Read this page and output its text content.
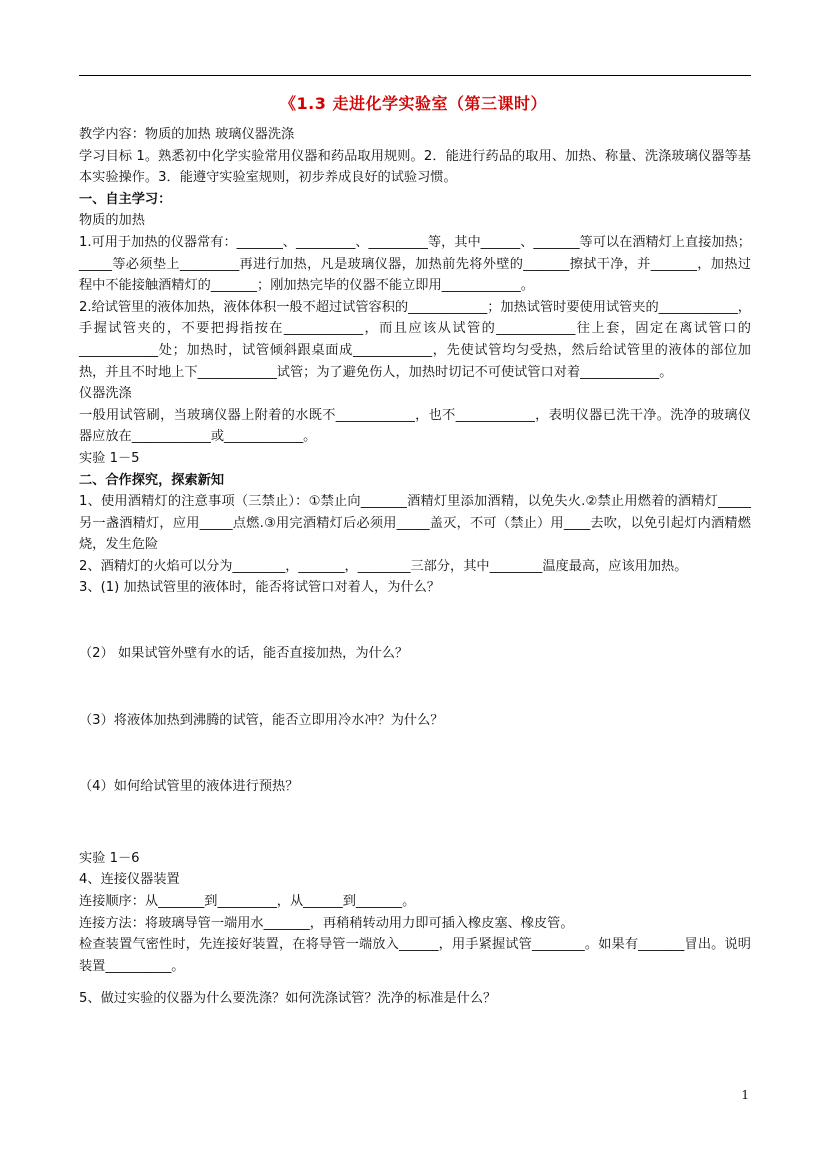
《1.3 走进化学实验室（第三课时）

教学内容：物质的加热 玻璃仪器洗涤

学习目标 1。熟悉初中化学实验常用仪器和药品取用规则。2．能进行药品的取用、加热、称量、洗涤玻璃仪器等基本实验操作。3．能遵守实验室规则，初步养成良好的试验习惯。

一、自主学习：

物质的加热

1.可用于加热的仪器常有：_______、_________、_________等，其中______、_______等可以在酒精灯上直接加热；_____等必须垫上_________再进行加热，凡是玻璃仪器，加热前先将外壁的_______擦拭干净，并_______，加热过程中不能接触酒精灯的_______；刚加热完毕的仪器不能立即用____________。

2.给试管里的液体加热，液体体积一般不超过试管容积的____________；加热试管时要使用试管夹的____________，手握试管夹的，不要把拇指按在____________，而且应该从试管的____________往上套，固定在离试管口的____________处；加热时，试管倾斜跟桌面成____________，先使试管均匀受热，然后给试管里的液体的部位加热，并且不时地上下____________试管；为了避免伤人，加热时切记不可使试管口对着____________。

仪器洗涤

一般用试管刷，当玻璃仪器上附着的水既不____________，也不____________，表明仪器已洗干净。洗净的玻璃仪器应放在____________或____________。

实验 1－5

二、合作探究，探索新知

1、使用酒精灯的注意事项（三禁止）：①禁止向_______酒精灯里添加酒精，以免失火.②禁止用燃着的酒精灯_____另一盏酒精灯，应用_____点燃.③用完酒精灯后必须用_____盖灭，不可（禁止）用____去吹，以免引起灯内酒精燃烧，发生危险

2、酒精灯的火焰可以分为________，_______，________三部分，其中________温度最高，应该用加热。

3、(1) 加热试管里的液体时，能否将试管口对着人，为什么？

（2） 如果试管外壁有水的话，能否直接加热，为什么？

（3）将液体加热到沸腾的试管，能否立即用冷水冲？为什么？

（4）如何给试管里的液体进行预热？

实验 1－6

4、连接仪器装置

连接顺序：从_______到_________，从______到_______。

连接方法：将玻璃导管一端用水_______，再稍稍转动用力即可插入橡皮塞、橡皮管。

检查装置气密性时，先连接好装置，在将导管一端放入______，用手紧握试管________。如果有_______冒出。说明装置__________。

5、做过实验的仪器为什么要洗涤？如何洗涤试管？洗净的标准是什么？

1
